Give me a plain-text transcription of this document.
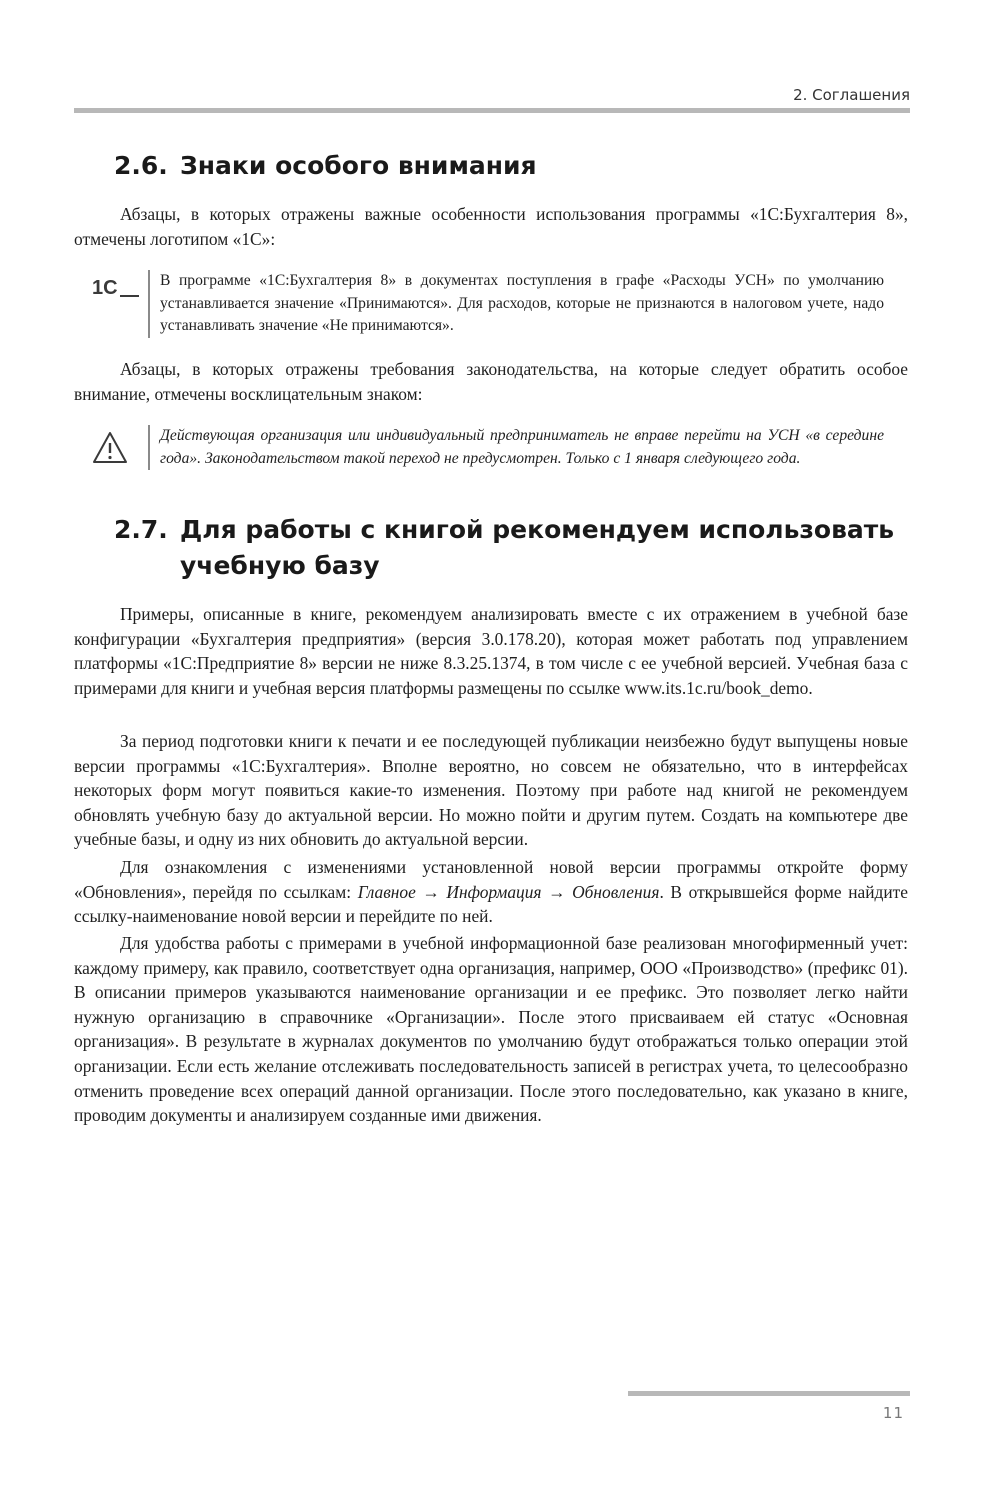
2. Соглашения
2.6. Знаки особого внимания

Абзацы, в которых отражены важные особенности использования программы «1С:Бухгалтерия 8», отмечены логотипом «1С»:

1С	В программе «1С:Бухгалтерия 8» в документах поступления в графе «Расходы УСН» по умолчанию устанавливается значение «Принимаются». Для расходов, которые не признаются в налоговом учете, надо устанавливать значение «Не принимаются».

Абзацы, в которых отражены требования законодательства, на которые следует обратить особое внимание, отмечены восклицательным знаком:

Действующая организация или индивидуальный предприниматель не вправе перейти на УСН «в середине года». Законодательством такой переход не предусмотрен. Только с 1 января следующего года.
2.7. Для работы с книгой рекомендуем использовать
учебную базу

Примеры, описанные в книге, рекомендуем анализировать вместе с их отражением в учебной базе конфигурации «Бухгалтерия предприятия» (версия 3.0.178.20), которая может работать под управлением платформы «1С:Предприятие 8» версии не ниже 8.3.25.1374, в том числе с ее учебной версией. Учебная база с примерами для книги и учебная версия платформы размещены по ссылке www.its.1c.ru/book_demo.

За период подготовки книги к печати и ее последующей публикации неизбежно будут выпущены новые версии программы «1С:Бухгалтерия». Вполне вероятно, но совсем не обязательно, что в интерфейсах некоторых форм могут появиться какие-то изменения. Поэтому при работе над книгой не рекомендуем обновлять учебную базу до актуальной версии. Но можно пойти и другим путем. Создать на компьютере две учебные базы, и одну из них обновить до актуальной версии.

Для ознакомления с изменениями установленной новой версии программы откройте форму «Обновления», перейдя по ссылкам: Главное → Информация → Обновления. В открывшейся форме найдите ссылку-наименование новой версии и перейдите по ней.

Для удобства работы с примерами в учебной информационной базе реализован многофирменный учет: каждому примеру, как правило, соответствует одна организация, например, ООО «Производство» (префикс 01). В описании примеров указываются наименование организации и ее префикс. Это позволяет легко найти нужную организацию в справочнике «Организации». После этого присваиваем ей статус «Основная организация». В результате в журналах документов по умолчанию будут отображаться только операции этой организации. Если есть желание отслеживать последовательность записей в регистрах учета, то целесообразно отменить проведение всех операций данной организации. После этого последовательно, как указано в книге, проводим документы и анализируем созданные ими движения.

11
